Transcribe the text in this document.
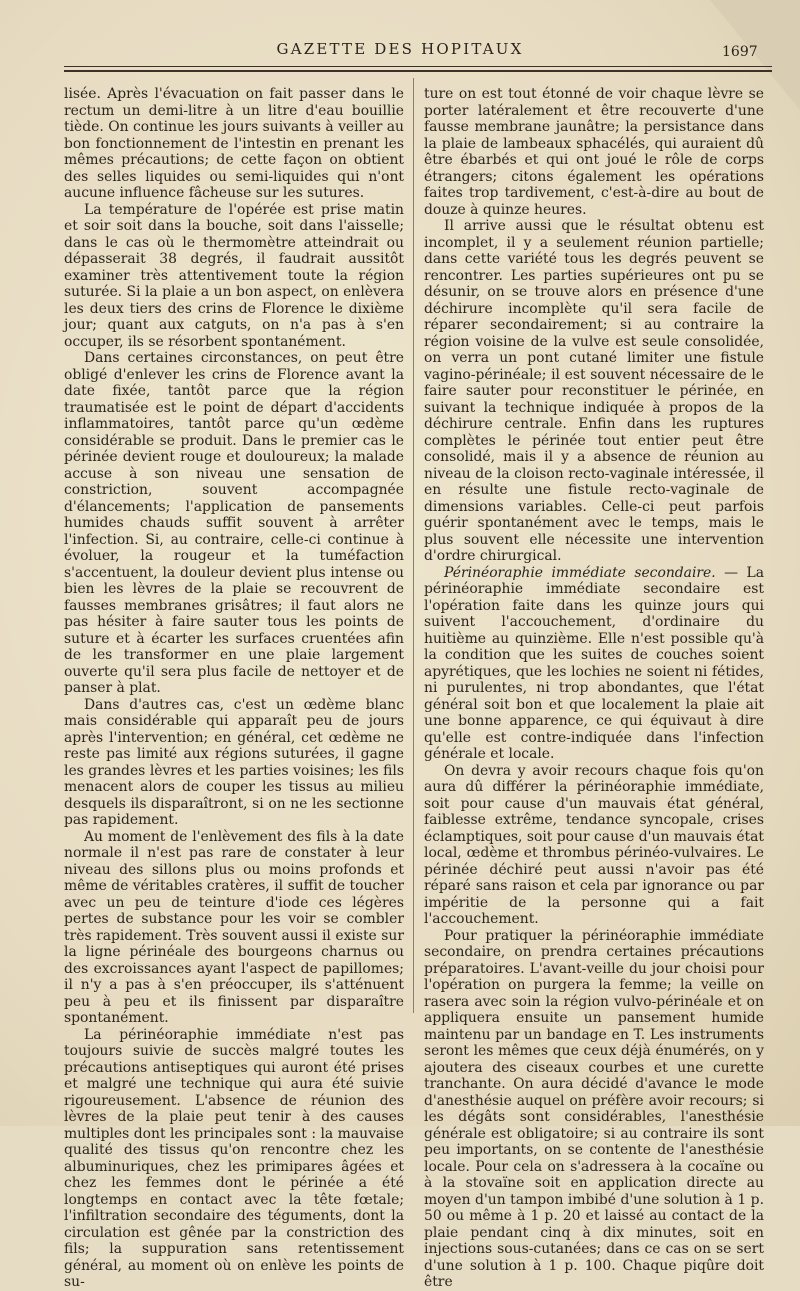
GAZETTE DES HOPITAUX	1697

lisée. Après l'évacuation on fait passer dans le rectum un demi-litre à un litre d'eau bouillie tiède. On continue les jours suivants à veiller au bon fonctionnement de l'intestin en prenant les mêmes précautions; de cette façon on obtient des selles liquides ou semi-liquides qui n'ont aucune influence fâcheuse sur les sutures.

La température de l'opérée est prise matin et soir soit dans la bouche, soit dans l'aisselle; dans le cas où le thermomètre atteindrait ou dépasserait 38 degrés, il faudrait aussitôt examiner très attentivement toute la région suturée. Si la plaie a un bon aspect, on enlèvera les deux tiers des crins de Florence le dixième jour; quant aux catguts, on n'a pas à s'en occuper, ils se résorbent spontanément.

Dans certaines circonstances, on peut être obligé d'enlever les crins de Florence avant la date fixée, tantôt parce que la région traumatisée est le point de départ d'accidents inflammatoires, tantôt parce qu'un œdème considérable se produit. Dans le premier cas le périnée devient rouge et douloureux; la malade accuse à son niveau une sensation de constriction, souvent accompagnée d'élancements; l'application de pansements humides chauds suffit souvent à arrêter l'infection. Si, au contraire, celle-ci continue à évoluer, la rougeur et la tuméfaction s'accentuent, la douleur devient plus intense ou bien les lèvres de la plaie se recouvrent de fausses membranes grisâtres; il faut alors ne pas hésiter à faire sauter tous les points de suture et à écarter les surfaces cruentées afin de les transformer en une plaie largement ouverte qu'il sera plus facile de nettoyer et de panser à plat.

Dans d'autres cas, c'est un œdème blanc mais considérable qui apparaît peu de jours après l'intervention; en général, cet œdème ne reste pas limité aux régions suturées, il gagne les grandes lèvres et les parties voisines; les fils menacent alors de couper les tissus au milieu desquels ils disparaîtront, si on ne les sectionne pas rapidement.

Au moment de l'enlèvement des fils à la date normale il n'est pas rare de constater à leur niveau des sillons plus ou moins profonds et même de véritables cratères, il suffit de toucher avec un peu de teinture d'iode ces légères pertes de substance pour les voir se combler très rapidement. Très souvent aussi il existe sur la ligne périnéale des bourgeons charnus ou des excroissances ayant l'aspect de papillomes; il n'y a pas à s'en préoccuper, ils s'atténuent peu à peu et ils finissent par disparaître spontanément.

La périnéoraphie immédiate n'est pas toujours suivie de succès malgré toutes les précautions antiseptiques qui auront été prises et malgré une technique qui aura été suivie rigoureusement. L'absence de réunion des lèvres de la plaie peut tenir à des causes multiples dont les principales sont : la mauvaise qualité des tissus qu'on rencontre chez les albuminuriques, chez les primipares âgées et chez les femmes dont le périnée a été longtemps en contact avec la tête fœtale; l'infiltration secondaire des téguments, dont la circulation est gênée par la constriction des fils; la suppuration sans retentissement général, au moment où on enlève les points de su-

ture on est tout étonné de voir chaque lèvre se porter latéralement et être recouverte d'une fausse membrane jaunâtre; la persistance dans la plaie de lambeaux sphacélés, qui auraient dû être ébarbés et qui ont joué le rôle de corps étrangers; citons également les opérations faites trop tardivement, c'est-à-dire au bout de douze à quinze heures.

Il arrive aussi que le résultat obtenu est incomplet, il y a seulement réunion partielle; dans cette variété tous les degrés peuvent se rencontrer. Les parties supérieures ont pu se désunir, on se trouve alors en présence d'une déchirure incomplète qu'il sera facile de réparer secondairement; si au contraire la région voisine de la vulve est seule consolidée, on verra un pont cutané limiter une fistule vagino-périnéale; il est souvent nécessaire de le faire sauter pour reconstituer le périnée, en suivant la technique indiquée à propos de la déchirure centrale. Enfin dans les ruptures complètes le périnée tout entier peut être consolidé, mais il y a absence de réunion au niveau de la cloison recto-vaginale intéressée, il en résulte une fistule recto-vaginale de dimensions variables. Celle-ci peut parfois guérir spontanément avec le temps, mais le plus souvent elle nécessite une intervention d'ordre chirurgical.

Périnéoraphie immédiate secondaire. — La périnéoraphie immédiate secondaire est l'opération faite dans les quinze jours qui suivent l'accouchement, d'ordinaire du huitième au quinzième. Elle n'est possible qu'à la condition que les suites de couches soient apyrétiques, que les lochies ne soient ni fétides, ni purulentes, ni trop abondantes, que l'état général soit bon et que localement la plaie ait une bonne apparence, ce qui équivaut à dire qu'elle est contre-indiquée dans l'infection générale et locale.

On devra y avoir recours chaque fois qu'on aura dû différer la périnéoraphie immédiate, soit pour cause d'un mauvais état général, faiblesse extrême, tendance syncopale, crises éclamptiques, soit pour cause d'un mauvais état local, œdème et thrombus périnéo-vulvaires. Le périnée déchiré peut aussi n'avoir pas été réparé sans raison et cela par ignorance ou par impéritie de la personne qui a fait l'accouchement.

Pour pratiquer la périnéoraphie immédiate secondaire, on prendra certaines précautions préparatoires. L'avant-veille du jour choisi pour l'opération on purgera la femme; la veille on rasera avec soin la région vulvo-périnéale et on appliquera ensuite un pansement humide maintenu par un bandage en T. Les instruments seront les mêmes que ceux déjà énumérés, on y ajoutera des ciseaux courbes et une curette tranchante. On aura décidé d'avance le mode d'anesthésie auquel on préfère avoir recours; si les dégâts sont considérables, l'anesthésie générale est obligatoire; si au contraire ils sont peu importants, on se contente de l'anesthésie locale. Pour cela on s'adressera à la cocaïne ou à la stovaïne soit en application directe au moyen d'un tampon imbibé d'une solution à 1 p. 50 ou même à 1 p. 20 et laissé au contact de la plaie pendant cinq à dix minutes, soit en injections sous-cutanées; dans ce cas on se sert d'une solution à 1 p. 100. Chaque piqûre doit être
